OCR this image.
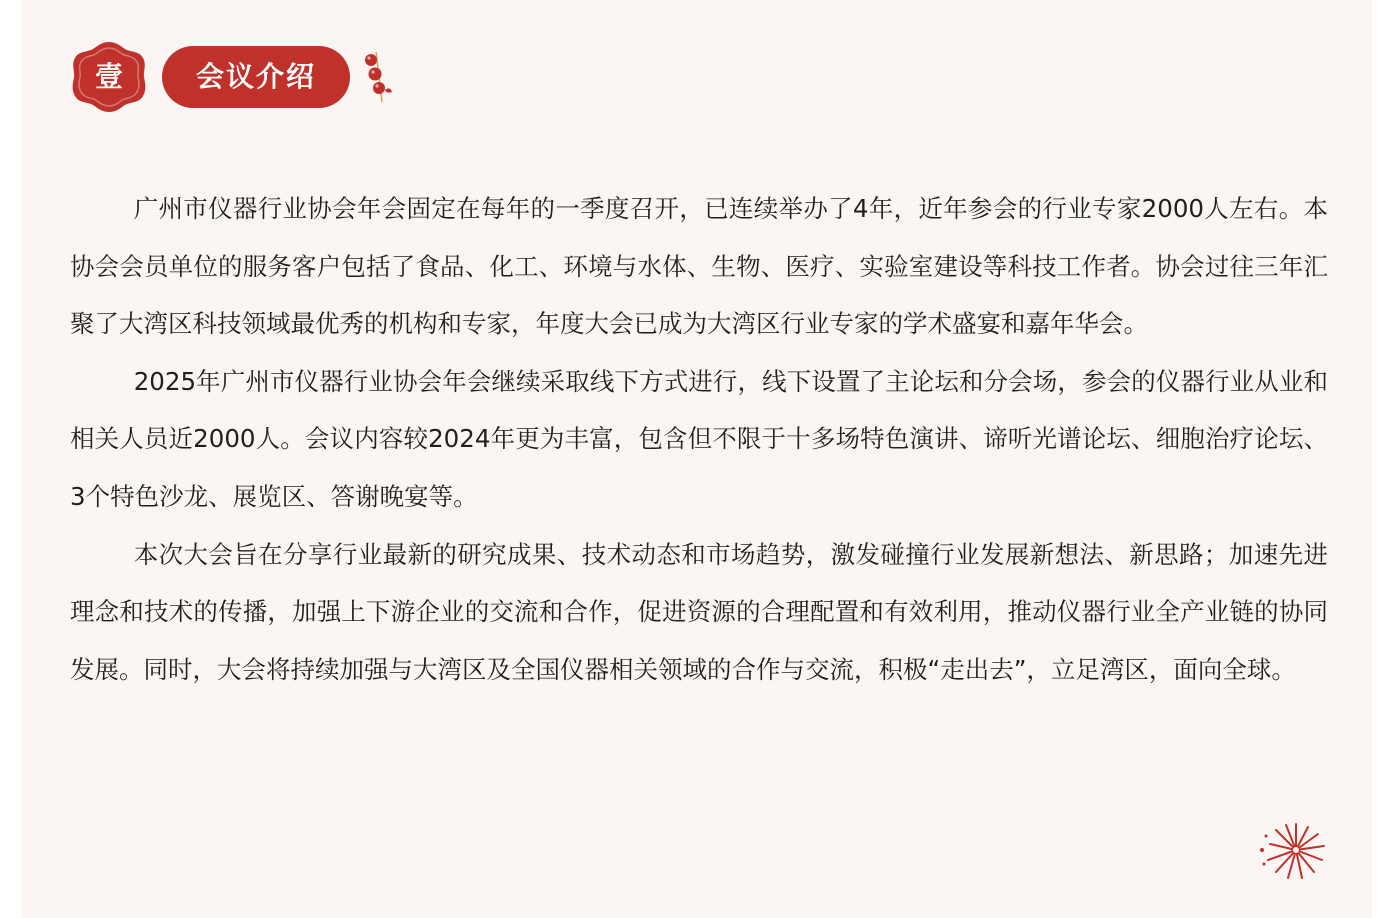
壹	会议介绍

广州市仪器行业协会年会固定在每年的一季度召开，已连续举办了4年，近年参会的行业专家2000人左右。本协会会员单位的服务客户包括了食品、化工、环境与水体、生物、医疗、实验室建设等科技工作者。协会过往三年汇聚了大湾区科技领域最优秀的机构和专家，年度大会已成为大湾区行业专家的学术盛宴和嘉年华会。

2025年广州市仪器行业协会年会继续采取线下方式进行，线下设置了主论坛和分会场，参会的仪器行业从业和相关人员近2000人。会议内容较2024年更为丰富，包含但不限于十多场特色演讲、谛听光谱论坛、细胞治疗论坛、3个特色沙龙、展览区、答谢晚宴等。

本次大会旨在分享行业最新的研究成果、技术动态和市场趋势，激发碰撞行业发展新想法、新思路；加速先进理念和技术的传播，加强上下游企业的交流和合作，促进资源的合理配置和有效利用，推动仪器行业全产业链的协同发展。同时，大会将持续加强与大湾区及全国仪器相关领域的合作与交流，积极“走出去”，立足湾区，面向全球。
